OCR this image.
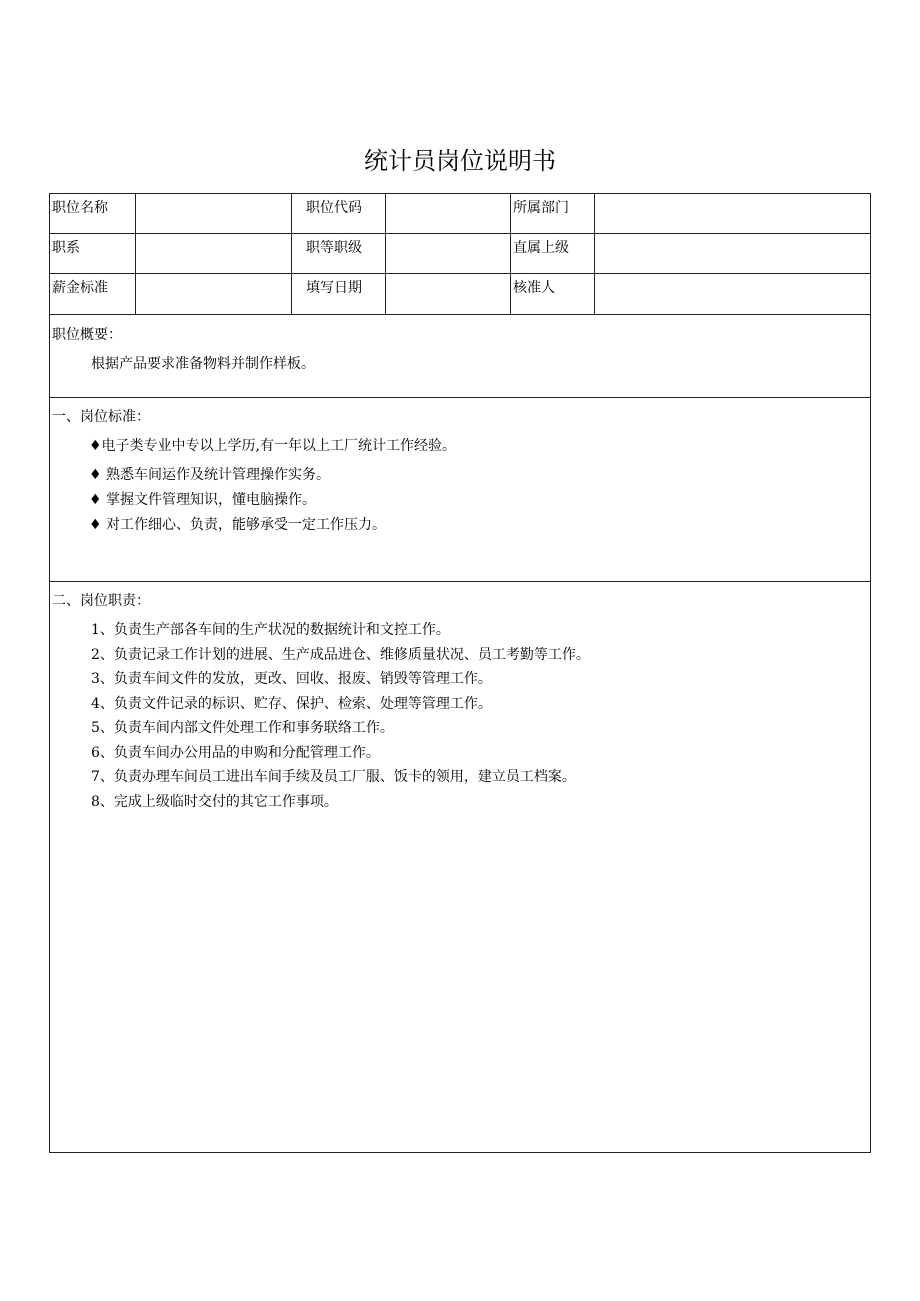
统计员岗位说明书
职位名称	职位代码	所属部门
职系	职等职级	直属上级
薪金标准	填写日期	核准人
职位概要：
根据产品要求准备物料并制作样板。
一、岗位标准：
♦电子类专业中专以上学历,有一年以上工厂统计工作经验。
♦ 熟悉车间运作及统计管理操作实务。
♦ 掌握文件管理知识，懂电脑操作。
♦ 对工作细心、负责，能够承受一定工作压力。
二、岗位职责：
1、负责生产部各车间的生产状况的数据统计和文控工作。
2、负责记录工作计划的进展、生产成品进仓、维修质量状况、员工考勤等工作。
3、负责车间文件的发放，更改、回收、报废、销毁等管理工作。
4、负责文件记录的标识、贮存、保护、检索、处理等管理工作。
5、负责车间内部文件处理工作和事务联络工作。
6、负责车间办公用品的申购和分配管理工作。
7、负责办理车间员工进出车间手续及员工厂服、饭卡的领用，建立员工档案。
8、完成上级临时交付的其它工作事项。
